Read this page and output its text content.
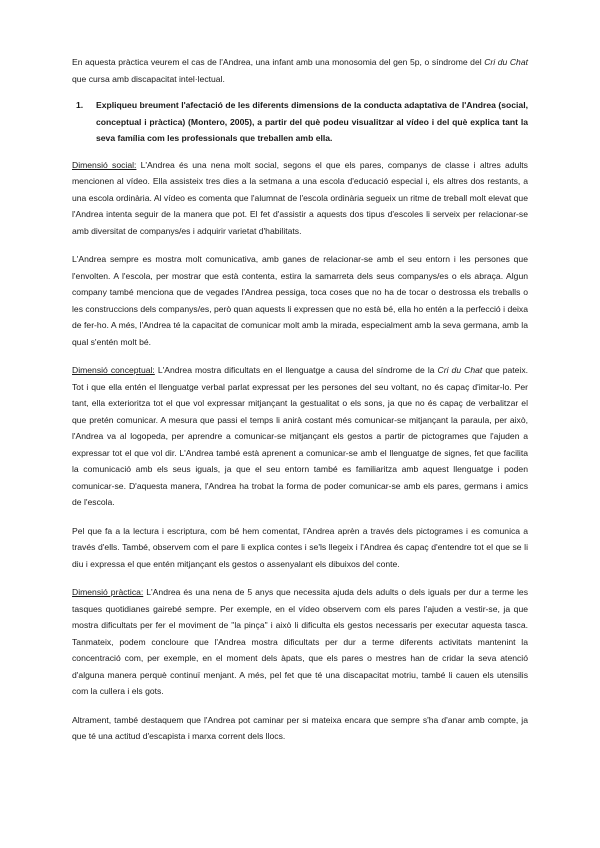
En aquesta pràctica veurem el cas de l'Andrea, una infant amb una monosomia del gen 5p, o síndrome del Cri du Chat que cursa amb discapacitat intel·lectual.

1.	Expliqueu breument l'afectació de les diferents dimensions de la conducta adaptativa de l'Andrea (social, conceptual i pràctica) (Montero, 2005), a partir del què podeu visualitzar al vídeo i del què explica tant la seva família com les professionals que treballen amb ella.

Dimensió social: L'Andrea és una nena molt social, segons el que els pares, companys de classe i altres adults mencionen al vídeo. Ella assisteix tres dies a la setmana a una escola d'educació especial i, els altres dos restants, a una escola ordinària. Al vídeo es comenta que l'alumnat de l'escola ordinària segueix un ritme de treball molt elevat que l'Andrea intenta seguir de la manera que pot. El fet d'assistir a aquests dos tipus d'escoles li serveix per relacionar-se amb diversitat de companys/es i adquirir varietat d'habilitats.

L'Andrea sempre es mostra molt comunicativa, amb ganes de relacionar-se amb el seu entorn i les persones que l'envolten. A l'escola, per mostrar que està contenta, estira la samarreta dels seus companys/es o els abraça. Algun company també menciona que de vegades l'Andrea pessiga, toca coses que no ha de tocar o destrossa els treballs o les construccions dels companys/es, però quan aquests li expressen que no està bé, ella ho entén a la perfecció i deixa de fer-ho. A més, l'Andrea té la capacitat de comunicar molt amb la mirada, especialment amb la seva germana, amb la qual s'entén molt bé.

Dimensió conceptual: L'Andrea mostra dificultats en el llenguatge a causa del síndrome de la Cri du Chat que pateix. Tot i que ella entén el llenguatge verbal parlat expressat per les persones del seu voltant, no és capaç d'imitar-lo. Per tant, ella exterioritza tot el que vol expressar mitjançant la gestualitat o els sons, ja que no és capaç de verbalitzar el que pretén comunicar. A mesura que passi el temps li anirà costant més comunicar-se mitjançant la paraula, per això, l'Andrea va al logopeda, per aprendre a comunicar-se mitjançant els gestos a partir de pictogrames que l'ajuden a expressar tot el que vol dir. L'Andrea també està aprenent a comunicar-se amb el llenguatge de signes, fet que facilita la comunicació amb els seus iguals, ja que el seu entorn també es familiaritza amb aquest llenguatge i poden comunicar-se. D'aquesta manera, l'Andrea ha trobat la forma de poder comunicar-se amb els pares, germans i amics de l'escola.

Pel que fa a la lectura i escriptura, com bé hem comentat, l'Andrea aprèn a través dels pictogrames i es comunica a través d'ells. També, observem com el pare li explica contes i se'ls llegeix i l'Andrea és capaç d'entendre tot el que se li diu i expressa el que entén mitjançant els gestos o assenyalant els dibuixos del conte.

Dimensió pràctica: L'Andrea és una nena de 5 anys que necessita ajuda dels adults o dels iguals per dur a terme les tasques quotidianes gairebé sempre. Per exemple, en el vídeo observem com els pares l'ajuden a vestir-se, ja que mostra dificultats per fer el moviment de "la pinça" i això li dificulta els gestos necessaris per executar aquesta tasca. Tanmateix, podem concloure que l'Andrea mostra dificultats per dur a terme diferents activitats mantenint la concentració com, per exemple, en el moment dels àpats, que els pares o mestres han de cridar la seva atenció d'alguna manera perquè continuï menjant. A més, pel fet que té una discapacitat motriu, també li cauen els utensilis com la cullera i els gots.

Altrament, també destaquem que l'Andrea pot caminar per si mateixa encara que sempre s'ha d'anar amb compte, ja que té una actitud d'escapista i marxa corrent dels llocs.
